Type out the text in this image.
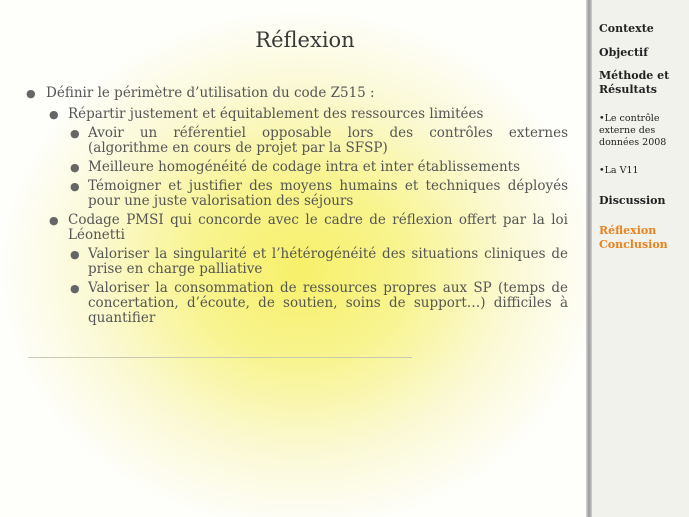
Réflexion
● Définir le périmètre d’utilisation du code Z515 :
● Répartir justement et équitablement des ressources limitées
● Avoir un référentiel opposable lors des contrôles externes (algorithme en cours de projet par la SFSP)
● Meilleure homogénéité de codage intra et inter établissements
● Témoigner et justifier des moyens humains et techniques déployés pour une juste valorisation des séjours
● Codage PMSI qui concorde avec le cadre de réflexion offert par la loi Léonetti
● Valoriser la singularité et l’hétérogénéité des situations cliniques de prise en charge palliative
● Valoriser la consommation de ressources propres aux SP (temps de concertation, d’écoute, de soutien, soins de support…) difficiles à quantifier
Contexte
Objectif
Méthode et Résultats
•Le contrôle externe des données 2008
•La V11
Discussion
Réflexion Conclusion
